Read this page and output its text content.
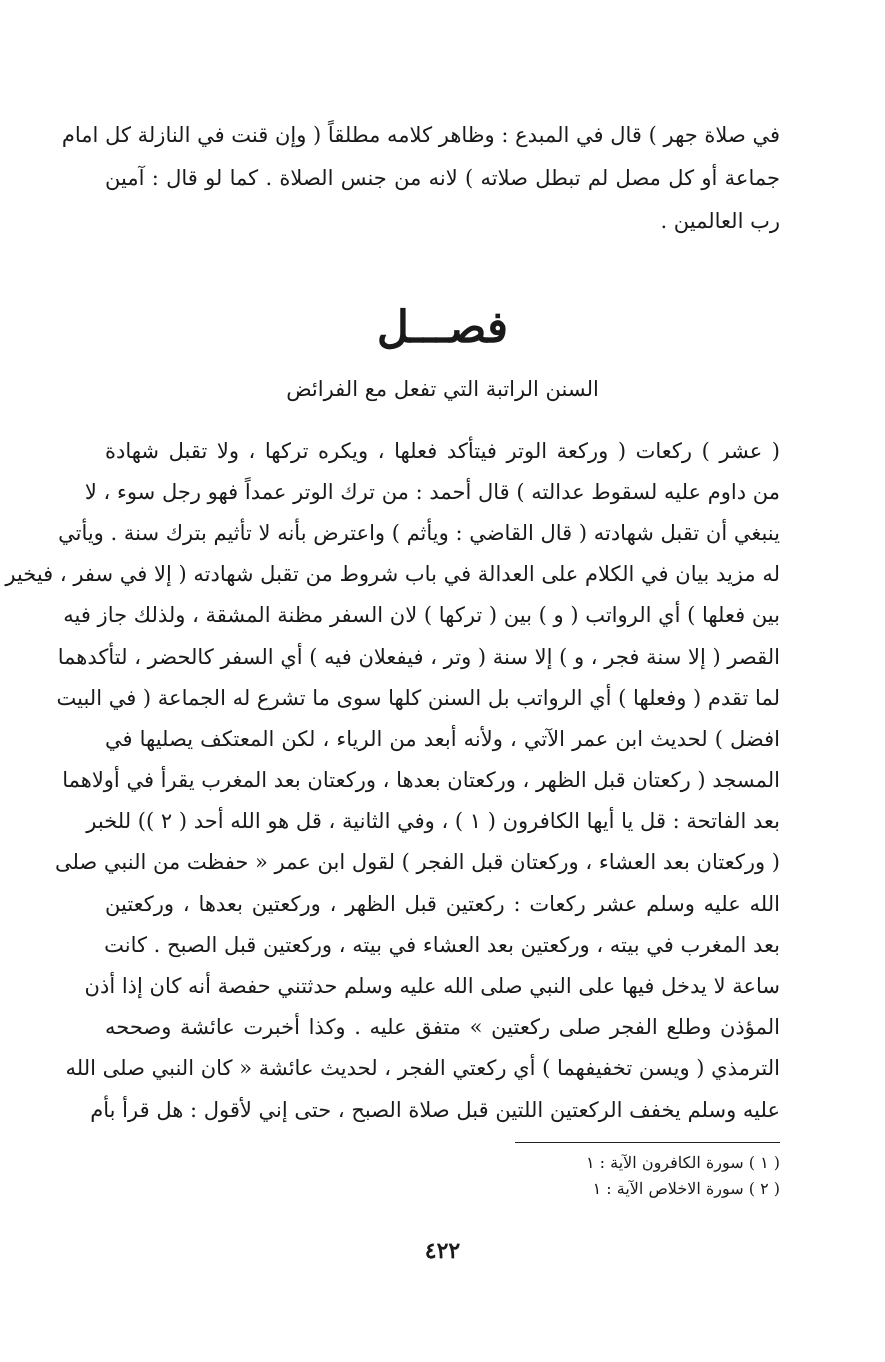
في صلاة جهر ) قال في المبدع : وظاهر كلامه مطلقاً ( وإن قنت في النازلة كل امام
جماعة أو كل مصل لم تبطل صلاته ) لانه من جنس الصلاة . كما لو قال : آمين
رب العالمين .
فصـــل
السنن الراتبة التي تفعل مع الفرائض
( عشر ) ركعات ( وركعة الوتر فيتأكد فعلها ، ويكره تركها ، ولا تقبل شهادة
من داوم عليه لسقوط عدالته ) قال أحمد : من ترك الوتر عمداً فهو رجل سوء ، لا
ينبغي أن تقبل شهادته ( قال القاضي : ويأثم ) واعترض بأنه لا تأثيم بترك سنة . ويأتي
له مزيد بيان في الكلام على العدالة في باب شروط من تقبل شهادته ( إلا في سفر ، فيخير
بين فعلها ) أي الرواتب ( و ) بين ( تركها ) لان السفر مظنة المشقة ، ولذلك جاز فيه
القصر ( إلا سنة فجر ، و ) إلا سنة ( وتر ، فيفعلان فيه ) أي السفر كالحضر ، لتأكدهما
لما تقدم ( وفعلها ) أي الرواتب بل السنن كلها سوى ما تشرع له الجماعة ( في البيت
افضل ) لحديث ابن عمر الآتي ، ولأنه أبعد من الرياء ، لكن المعتكف يصليها في
المسجد ( ركعتان قبل الظهر ، وركعتان بعدها ، وركعتان بعد المغرب يقرأ في أولاهما
بعد الفاتحة : قل يا أيها الكافرون ( ١ ) ، وفي الثانية ، قل هو الله أحد ( ٢ )) للخبر
( وركعتان بعد العشاء ، وركعتان قبل الفجر ) لقول ابن عمر « حفظت من النبي صلى
الله عليه وسلم عشر ركعات : ركعتين قبل الظهر ، وركعتين بعدها ، وركعتين
بعد المغرب في بيته ، وركعتين بعد العشاء في بيته ، وركعتين قبل الصبح . كانت
ساعة لا يدخل فيها على النبي صلى الله عليه وسلم حدثتني حفصة أنه كان إذا أذن
المؤذن وطلع الفجر صلى ركعتين » متفق عليه . وكذا أخبرت عائشة وصححه
الترمذي ( ويسن تخفيفهما ) أي ركعتي الفجر ، لحديث عائشة « كان النبي صلى الله
عليه وسلم يخفف الركعتين اللتين قبل صلاة الصبح ، حتى إني لأقول : هل قرأ بأم
( ١ ) سورة الكافرون الآية : ١
( ٢ ) سورة الاخلاص الآية : ١
٤٢٢
